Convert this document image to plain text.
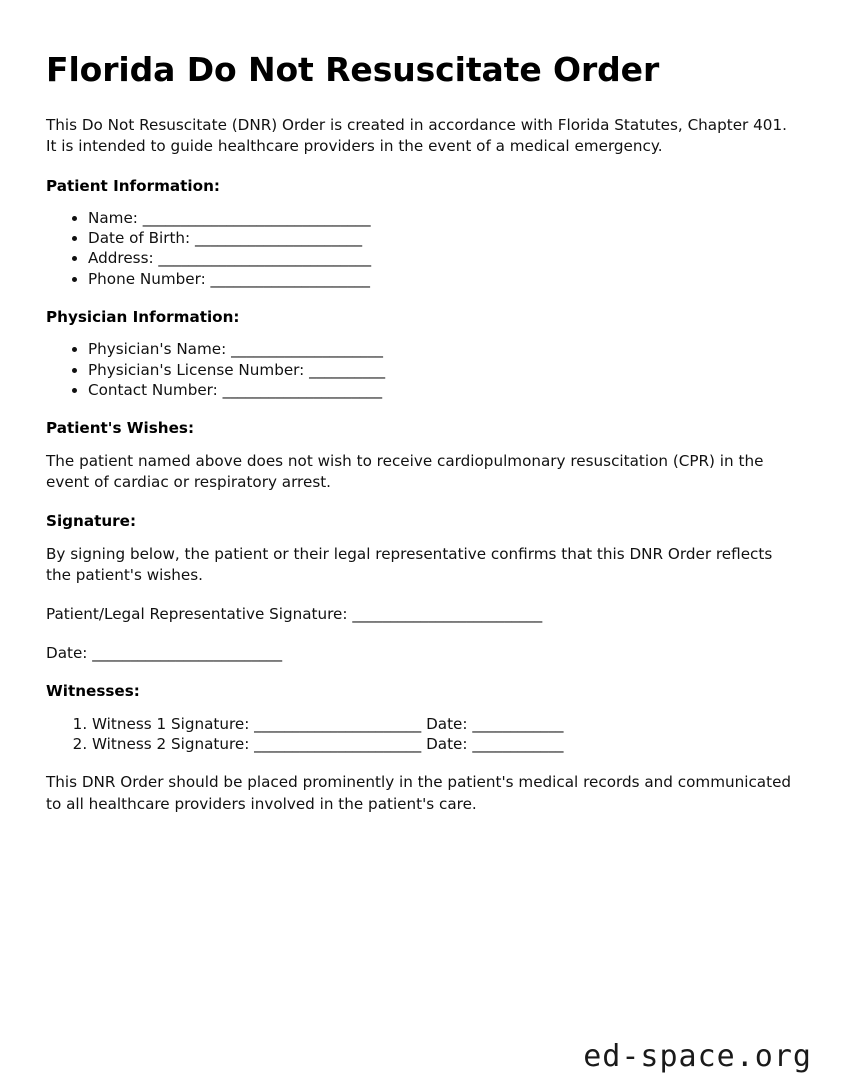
Florida Do Not Resuscitate Order

This Do Not Resuscitate (DNR) Order is created in accordance with Florida Statutes, Chapter 401. It is intended to guide healthcare providers in the event of a medical emergency.

Patient Information:
• Name: ______________________________
• Date of Birth: ______________________
• Address: ____________________________
• Phone Number: _____________________
Physician Information:
• Physician's Name: ____________________
• Physician's License Number: __________
• Contact Number: _____________________
Patient's Wishes:

The patient named above does not wish to receive cardiopulmonary resuscitation (CPR) in the event of cardiac or respiratory arrest.

Signature:

By signing below, the patient or their legal representative confirms that this DNR Order reflects the patient's wishes.

Patient/Legal Representative Signature: _________________________

Date: _________________________

Witnesses:
1. Witness 1 Signature: ______________________ Date: ____________
2. Witness 2 Signature: ______________________ Date: ____________

This DNR Order should be placed prominently in the patient's medical records and communicated to all healthcare providers involved in the patient's care.

ed-space.org
